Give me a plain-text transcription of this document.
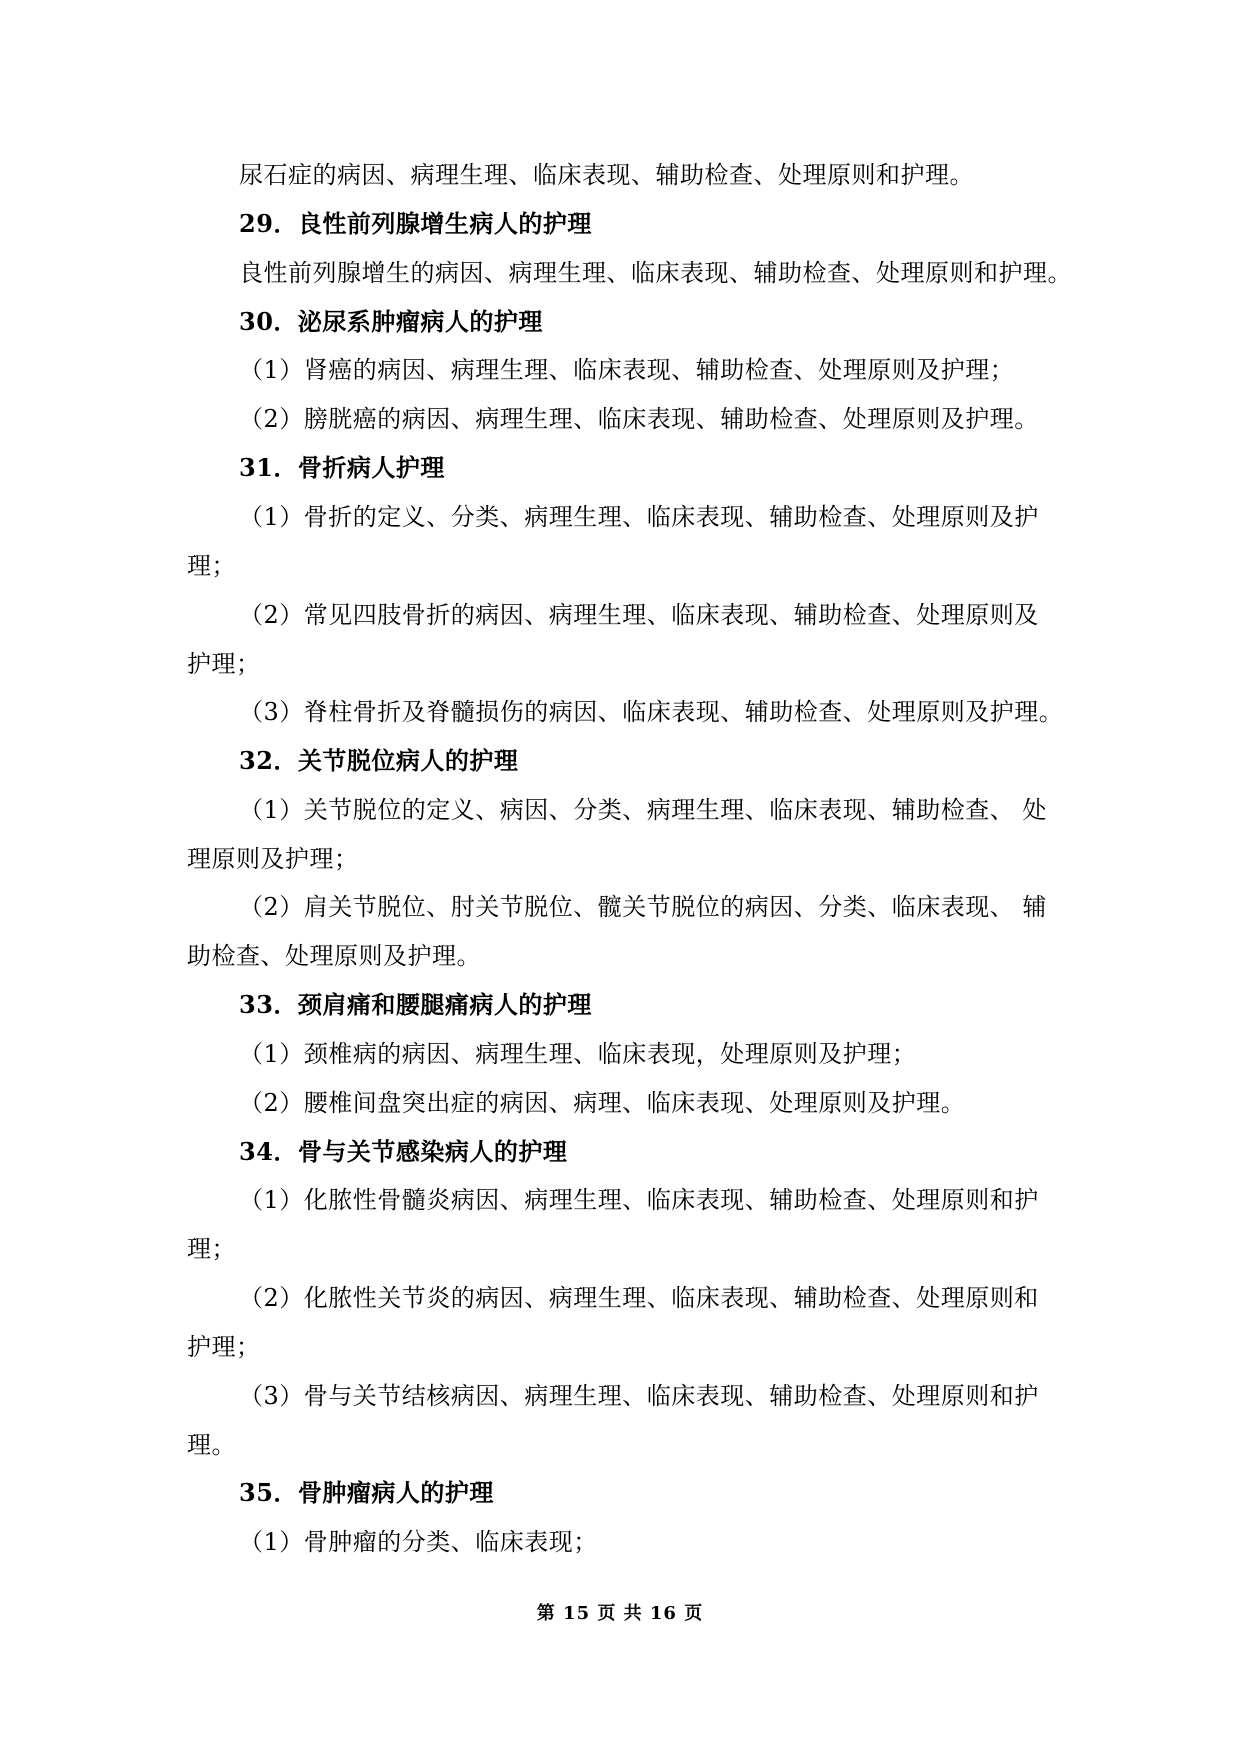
尿石症的病因、病理生理、临床表现、辅助检查、处理原则和护理。
29．良性前列腺增生病人的护理
良性前列腺增生的病因、病理生理、临床表现、辅助检查、处理原则和护理。
30．泌尿系肿瘤病人的护理
（1）肾癌的病因、病理生理、临床表现、辅助检查、处理原则及护理；
（2）膀胱癌的病因、病理生理、临床表现、辅助检查、处理原则及护理。
31．骨折病人护理
（1）骨折的定义、分类、病理生理、临床表现、辅助检查、处理原则及护
理；
（2）常见四肢骨折的病因、病理生理、临床表现、辅助检查、处理原则及
护理；
（3）脊柱骨折及脊髓损伤的病因、临床表现、辅助检查、处理原则及护理。
32．关节脱位病人的护理
（1）关节脱位的定义、病因、分类、病理生理、临床表现、辅助检查、 处
理原则及护理；
（2）肩关节脱位、肘关节脱位、髋关节脱位的病因、分类、临床表现、 辅
助检查、处理原则及护理。
33．颈肩痛和腰腿痛病人的护理
（1）颈椎病的病因、病理生理、临床表现，处理原则及护理；
（2）腰椎间盘突出症的病因、病理、临床表现、处理原则及护理。
34．骨与关节感染病人的护理
（1）化脓性骨髓炎病因、病理生理、临床表现、辅助检查、处理原则和护
理；
（2）化脓性关节炎的病因、病理生理、临床表现、辅助检查、处理原则和
护理；
（3）骨与关节结核病因、病理生理、临床表现、辅助检查、处理原则和护
理。
35．骨肿瘤病人的护理
（1）骨肿瘤的分类、临床表现；
第 15 页 共 16 页
